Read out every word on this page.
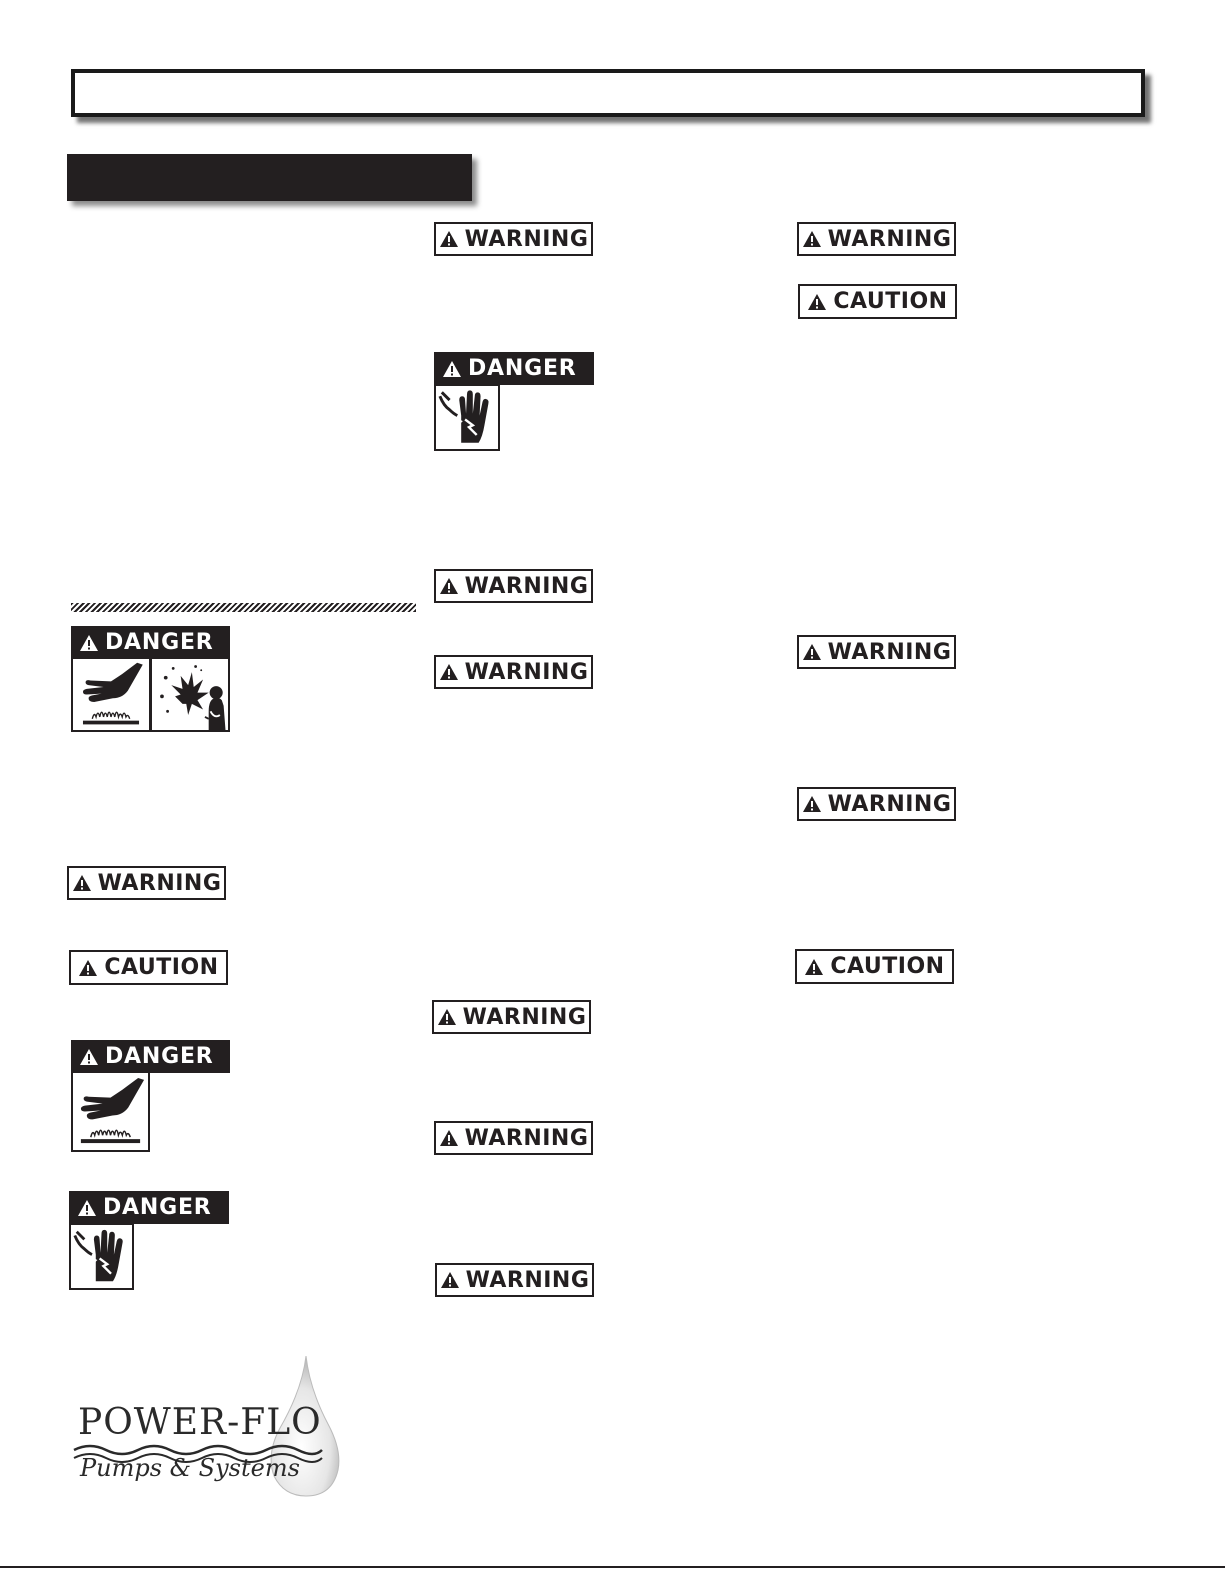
DANGER
WARNING
CAUTION
DANGER
DANGER
WARNING
DANGER
WARNING
WARNING
WARNING
WARNING
WARNING
WARNING
CAUTION
WARNING
WARNING
CAUTION
POWER-FLO
Pumps & Systems
